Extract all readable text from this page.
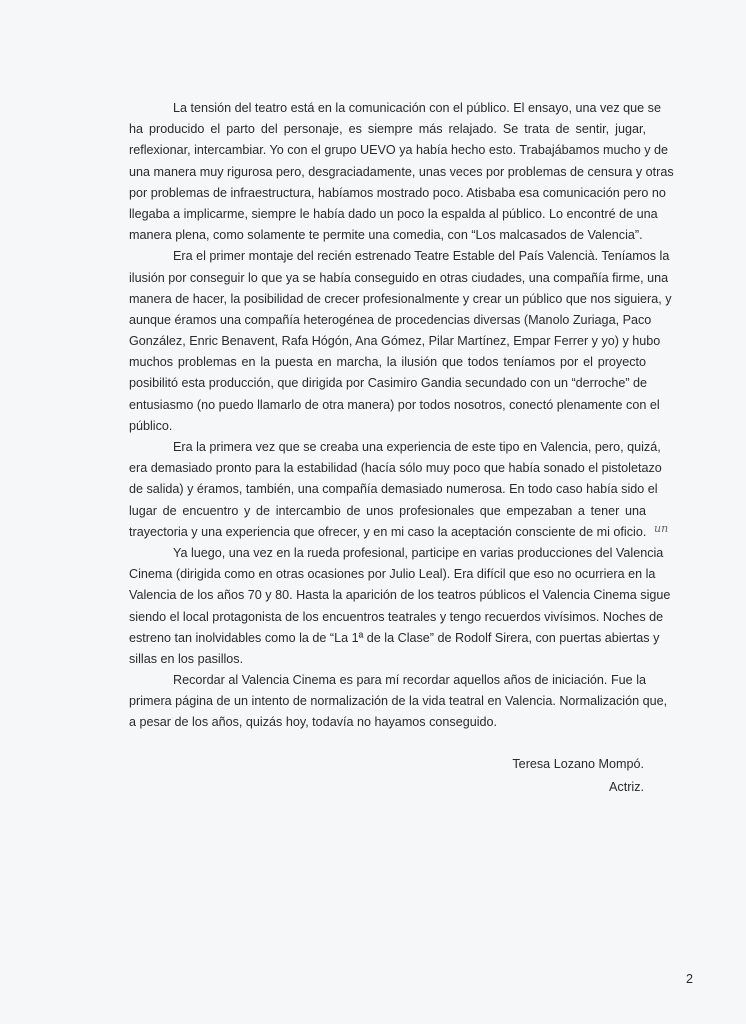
La tensión del teatro está en la comunicación con el público. El ensayo, una vez que se
ha producido el parto del personaje, es siempre más relajado. Se trata de sentir, jugar,
reflexionar, intercambiar. Yo con el grupo UEVO ya había hecho esto. Trabajábamos mucho y de
una manera muy rigurosa pero, desgraciadamente, unas veces por problemas de censura y otras
por problemas de infraestructura, habíamos mostrado poco. Atisbaba esa comunicación pero no
llegaba a implicarme, siempre le había dado un poco la espalda al público. Lo encontré de una
manera plena, como solamente te permite una comedia, con “Los malcasados de Valencia”.
Era el primer montaje del recién estrenado Teatre Estable del País Valencià. Teníamos la
ilusión por conseguir lo que ya se había conseguido en otras ciudades, una compañía firme, una
manera de hacer, la posibilidad de crecer profesionalmente y crear un público que nos siguiera, y
aunque éramos una compañía heterogénea de procedencias diversas (Manolo Zuriaga, Paco
González, Enric Benavent, Rafa Hógón, Ana Gómez, Pilar Martínez, Empar Ferrer y yo) y hubo
muchos problemas en la puesta en marcha, la ilusión que todos teníamos por el proyecto
posibilitó esta producción, que dirigida por Casimiro Gandia secundado con un “derroche” de
entusiasmo (no puedo llamarlo de otra manera) por todos nosotros, conectó plenamente con el
público.
Era la primera vez que se creaba una experiencia de este tipo en Valencia, pero, quizá,
era demasiado pronto para la estabilidad (hacía sólo muy poco que había sonado el pistoletazo
de salida) y éramos, también, una compañía demasiado numerosa. En todo caso había sido el
lugar de encuentro y de intercambio de unos profesionales que empezaban a tener una
trayectoria y una experiencia que ofrecer, y en mi caso la aceptación consciente de mi oficio.
Ya luego, una vez en la rueda profesional, participe en varias producciones del Valencia
Cinema (dirigida como en otras ocasiones por Julio Leal). Era difícil que eso no ocurriera en la
Valencia de los años 70 y 80. Hasta la aparición de los teatros públicos el Valencia Cinema sigue
siendo el local protagonista de los encuentros teatrales y tengo recuerdos vivísimos. Noches de
estreno tan inolvidables como la de “La 1ª de la Clase” de Rodolf Sirera, con puertas abiertas y
sillas en los pasillos.
Recordar al Valencia Cinema es para mí recordar aquellos años de iniciación. Fue la
primera página de un intento de normalización de la vida teatral en Valencia. Normalización que,
a pesar de los años, quizás hoy, todavía no hayamos conseguido.
un
Teresa Lozano Mompó.
Actriz.
2
